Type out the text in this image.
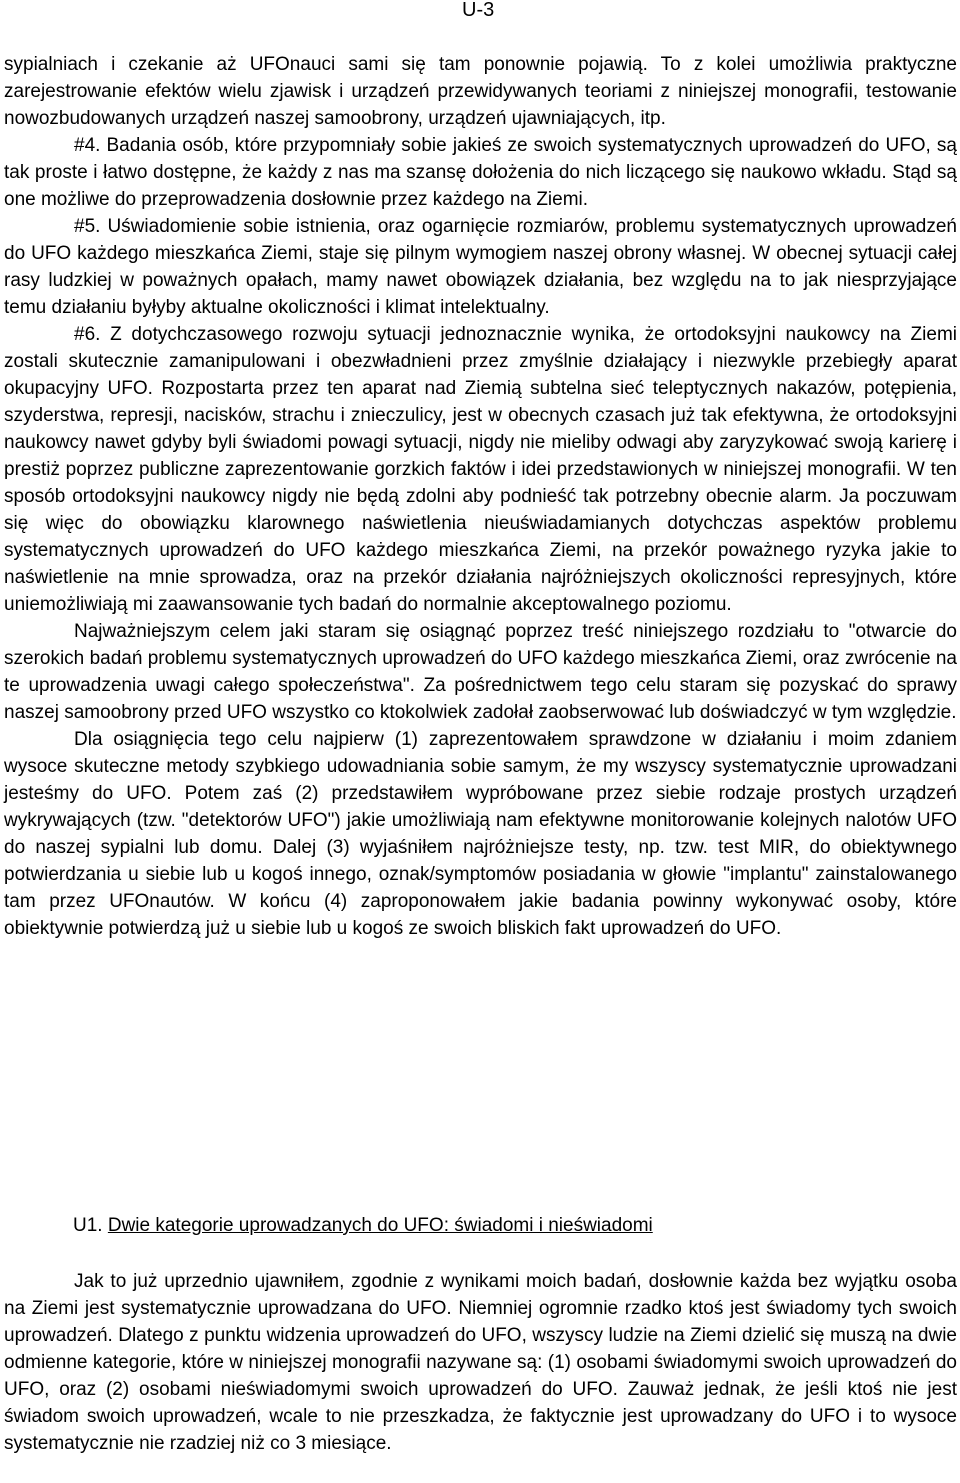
U-3

sypialniach i czekanie aż UFOnauci sami się tam ponownie pojawią. To z kolei umożliwia praktyczne zarejestrowanie efektów wielu zjawisk i urządzeń przewidywanych teoriami z niniejszej monografii, testowanie nowozbudowanych urządzeń naszej samoobrony, urządzeń ujawniających, itp.

#4. Badania osób, które przypomniały sobie jakieś ze swoich systematycznych uprowadzeń do UFO, są tak proste i łatwo dostępne, że każdy z nas ma szansę dołożenia do nich liczącego się naukowo wkładu. Stąd są one możliwe do przeprowadzenia dosłownie przez każdego na Ziemi.

#5. Uświadomienie sobie istnienia, oraz ogarnięcie rozmiarów, problemu systematycznych uprowadzeń do UFO każdego mieszkańca Ziemi, staje się pilnym wymogiem naszej obrony własnej. W obecnej sytuacji całej rasy ludzkiej w poważnych opałach, mamy nawet obowiązek działania, bez względu na to jak niesprzyjające temu działaniu byłyby aktualne okoliczności i klimat intelektualny.

#6. Z dotychczasowego rozwoju sytuacji jednoznacznie wynika, że ortodoksyjni naukowcy na Ziemi zostali skutecznie zamanipulowani i obezwładnieni przez zmyślnie działający i niezwykle przebiegły aparat okupacyjny UFO. Rozpostarta przez ten aparat nad Ziemią subtelna sieć teleptycznych nakazów, potępienia, szyderstwa, represji, nacisków, strachu i znieczulicy, jest w obecnych czasach już tak efektywna, że ortodoksyjni naukowcy nawet gdyby byli świadomi powagi sytuacji, nigdy nie mieliby odwagi aby zaryzykować swoją karierę i prestiż poprzez publiczne zaprezentowanie gorzkich faktów i idei przedstawionych w niniejszej monografii. W ten sposób ortodoksyjni naukowcy nigdy nie będą zdolni aby podnieść tak potrzebny obecnie alarm. Ja poczuwam się więc do obowiązku klarownego naświetlenia nieuświadamianych dotychczas aspektów problemu systematycznych uprowadzeń do UFO każdego mieszkańca Ziemi, na przekór poważnego ryzyka jakie to naświetlenie na mnie sprowadza, oraz na przekór działania najróżniejszych okoliczności represyjnych, które uniemożliwiają mi zaawansowanie tych badań do normalnie akceptowalnego poziomu.

Najważniejszym celem jaki staram się osiągnąć poprzez treść niniejszego rozdziału to "otwarcie do szerokich badań problemu systematycznych uprowadzeń do UFO każdego mieszkańca Ziemi, oraz zwrócenie na te uprowadzenia uwagi całego społeczeństwa". Za pośrednictwem tego celu staram się pozyskać do sprawy naszej samoobrony przed UFO wszystko co ktokolwiek zadołał zaobserwować lub doświadczyć w tym względzie.

Dla osiągnięcia tego celu najpierw (1) zaprezentowałem sprawdzone w działaniu i moim zdaniem wysoce skuteczne metody szybkiego udowadniania sobie samym, że my wszyscy systematycznie uprowadzani jesteśmy do UFO. Potem zaś (2) przedstawiłem wypróbowane przez siebie rodzaje prostych urządzeń wykrywających (tzw. "detektorów UFO") jakie umożliwiają nam efektywne monitorowanie kolejnych nalotów UFO do naszej sypialni lub domu. Dalej (3) wyjaśniłem najróżniejsze testy, np. tzw. test MIR, do obiektywnego potwierdzania u siebie lub u kogoś innego, oznak/symptomów posiadania w głowie "implantu" zainstalowanego tam przez UFOnautów. W końcu (4) zaproponowałem jakie badania powinny wykonywać osoby, które obiektywnie potwierdzą już u siebie lub u kogoś ze swoich bliskich fakt uprowadzeń do UFO.

U1. Dwie kategorie uprowadzanych do UFO: świadomi i nieświadomi

Jak to już uprzednio ujawniłem, zgodnie z wynikami moich badań, dosłownie każda bez wyjątku osoba na Ziemi jest systematycznie uprowadzana do UFO. Niemniej ogromnie rzadko ktoś jest świadomy tych swoich uprowadzeń. Dlatego z punktu widzenia uprowadzeń do UFO, wszyscy ludzie na Ziemi dzielić się muszą na dwie odmienne kategorie, które w niniejszej monografii nazywane są: (1) osobami świadomymi swoich uprowadzeń do UFO, oraz (2) osobami nieświadomymi swoich uprowadzeń do UFO. Zauważ jednak, że jeśli ktoś nie jest świadom swoich uprowadzeń, wcale to nie przeszkadza, że faktycznie jest uprowadzany do UFO i to wysoce systematycznie nie rzadziej niż co 3 miesiące.
